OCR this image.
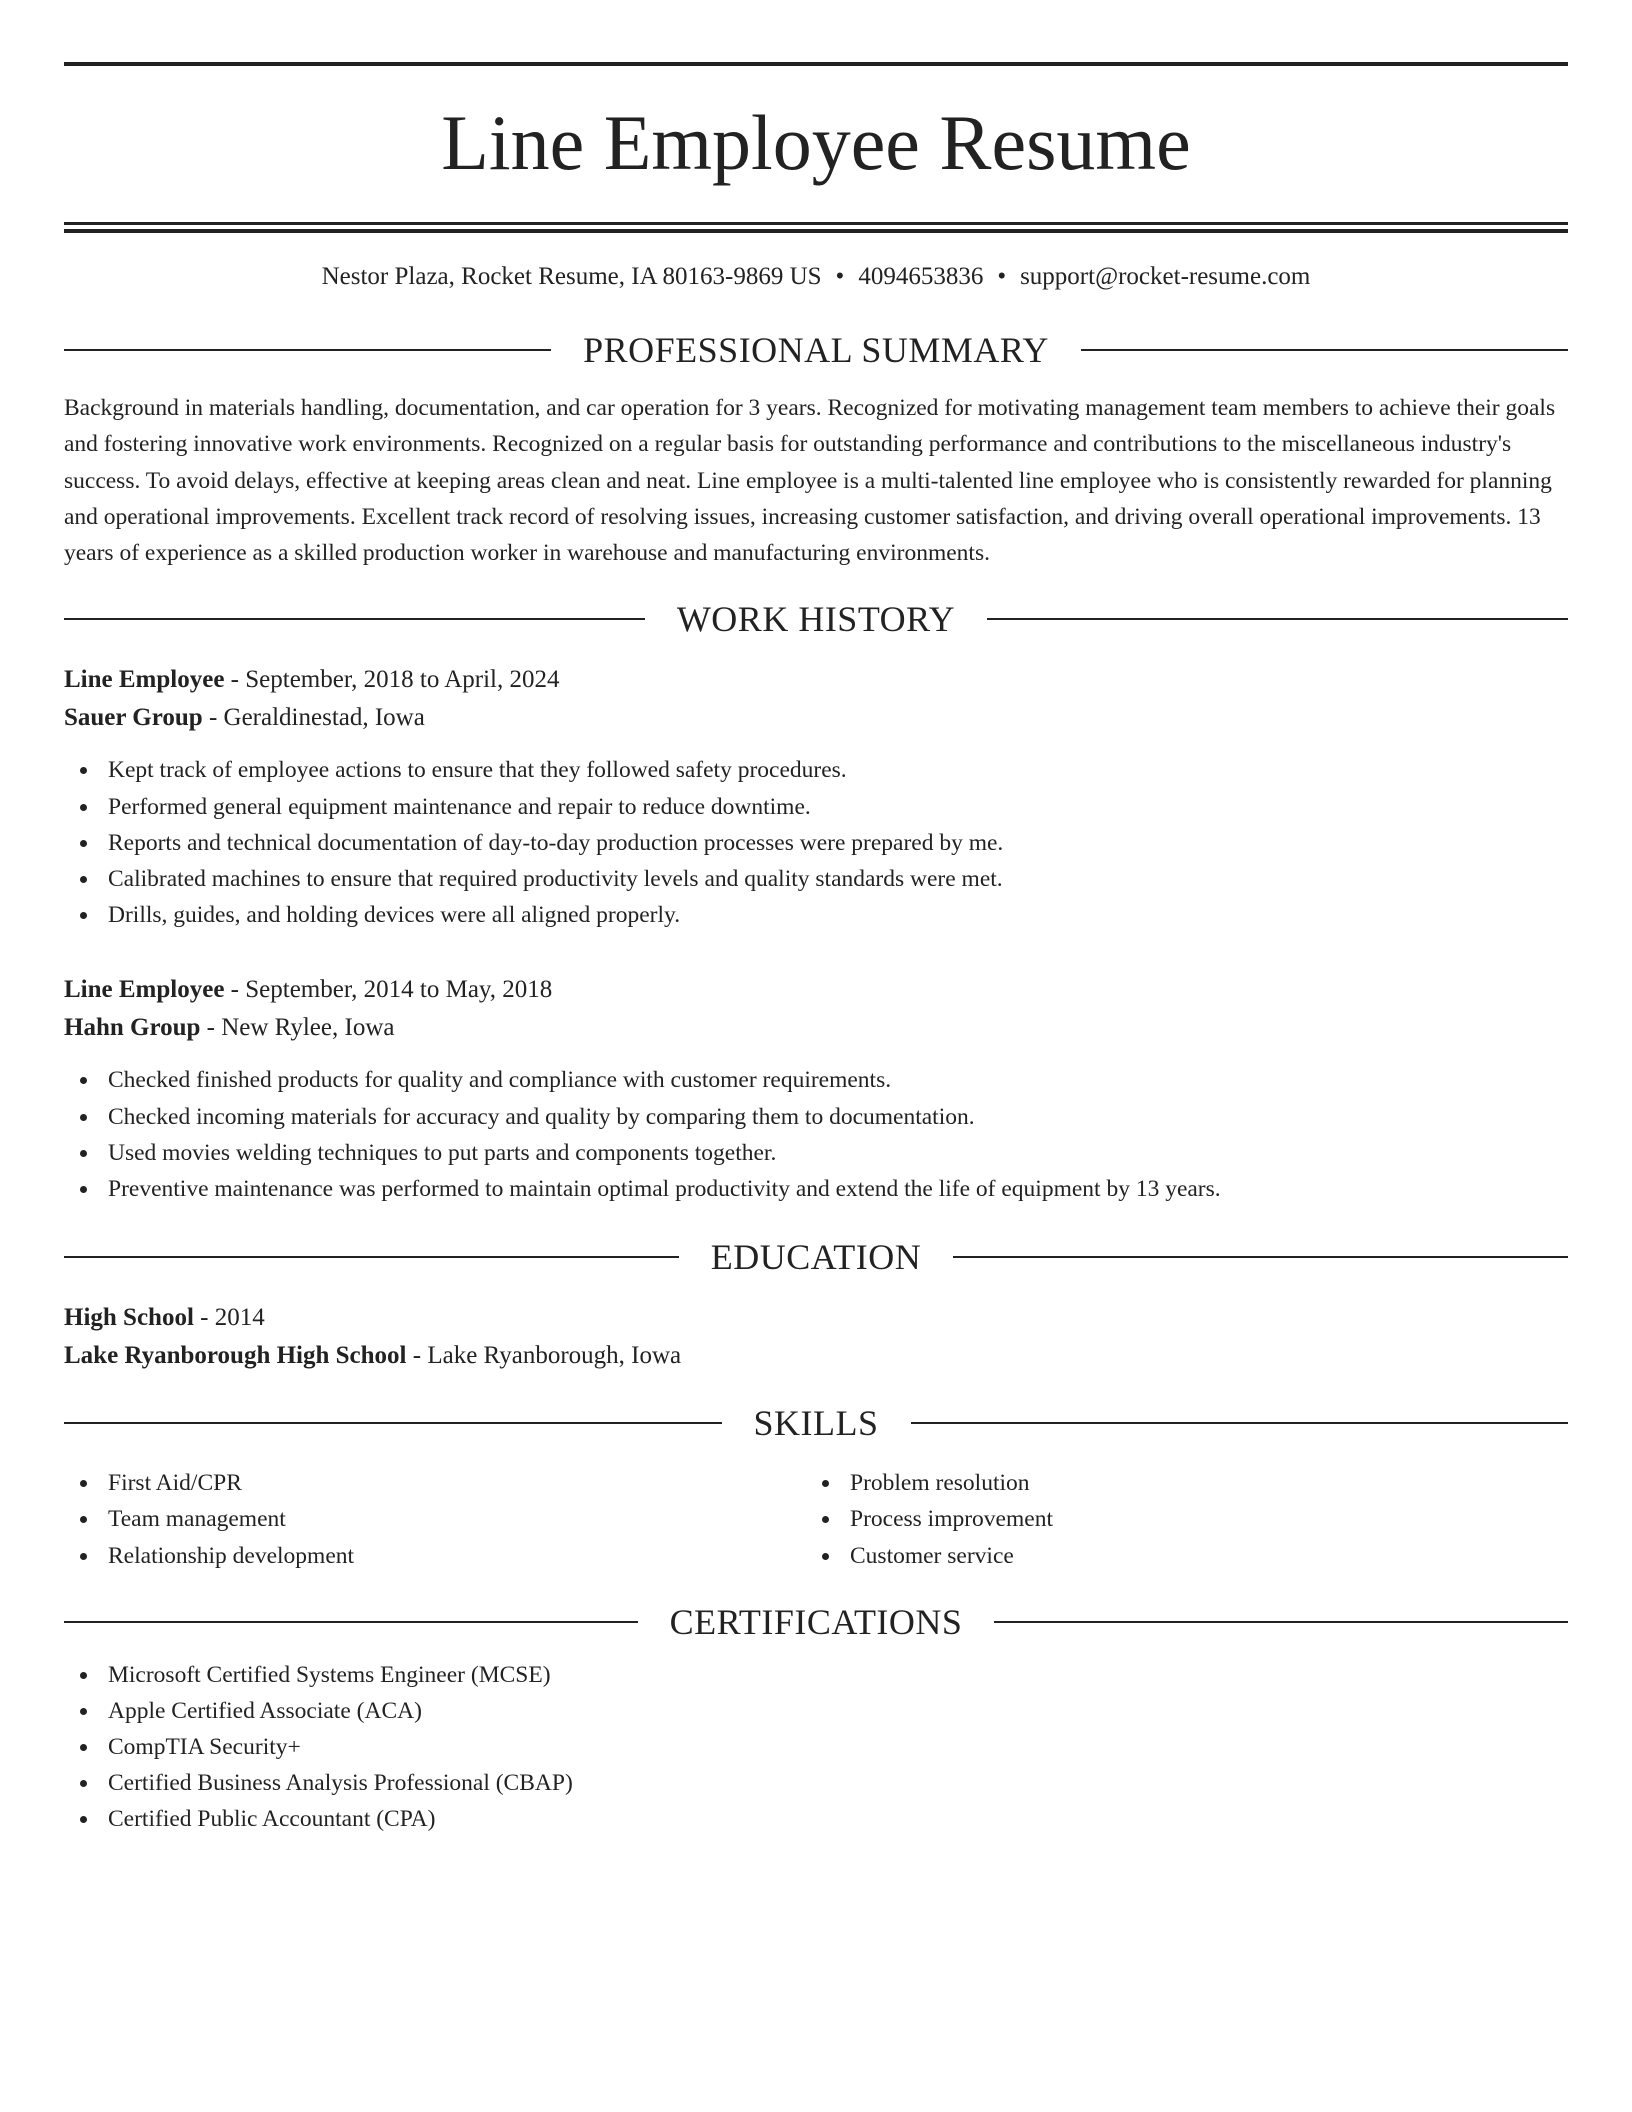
Line Employee Resume
Nestor Plaza, Rocket Resume, IA 80163-9869 US • 4094653836 • support@rocket-resume.com
PROFESSIONAL SUMMARY

Background in materials handling, documentation, and car operation for 3 years. Recognized for motivating management team members to achieve their goals and fostering innovative work environments. Recognized on a regular basis for outstanding performance and contributions to the miscellaneous industry's success. To avoid delays, effective at keeping areas clean and neat. Line employee is a multi-talented line employee who is consistently rewarded for planning and operational improvements. Excellent track record of resolving issues, increasing customer satisfaction, and driving overall operational improvements. 13 years of experience as a skilled production worker in warehouse and manufacturing environments.

WORK HISTORY
Line Employee - September, 2018 to April, 2024
Sauer Group - Geraldinestad, Iowa
Kept track of employee actions to ensure that they followed safety procedures.
Performed general equipment maintenance and repair to reduce downtime.
Reports and technical documentation of day-to-day production processes were prepared by me.
Calibrated machines to ensure that required productivity levels and quality standards were met.
Drills, guides, and holding devices were all aligned properly.
Line Employee - September, 2014 to May, 2018
Hahn Group - New Rylee, Iowa
Checked finished products for quality and compliance with customer requirements.
Checked incoming materials for accuracy and quality by comparing them to documentation.
Used movies welding techniques to put parts and components together.
Preventive maintenance was performed to maintain optimal productivity and extend the life of equipment by 13 years.
EDUCATION
High School - 2014
Lake Ryanborough High School - Lake Ryanborough, Iowa
SKILLS
First Aid/CPR
Team management
Relationship development
Problem resolution
Process improvement
Customer service
CERTIFICATIONS
Microsoft Certified Systems Engineer (MCSE)
Apple Certified Associate (ACA)
CompTIA Security+
Certified Business Analysis Professional (CBAP)
Certified Public Accountant (CPA)
